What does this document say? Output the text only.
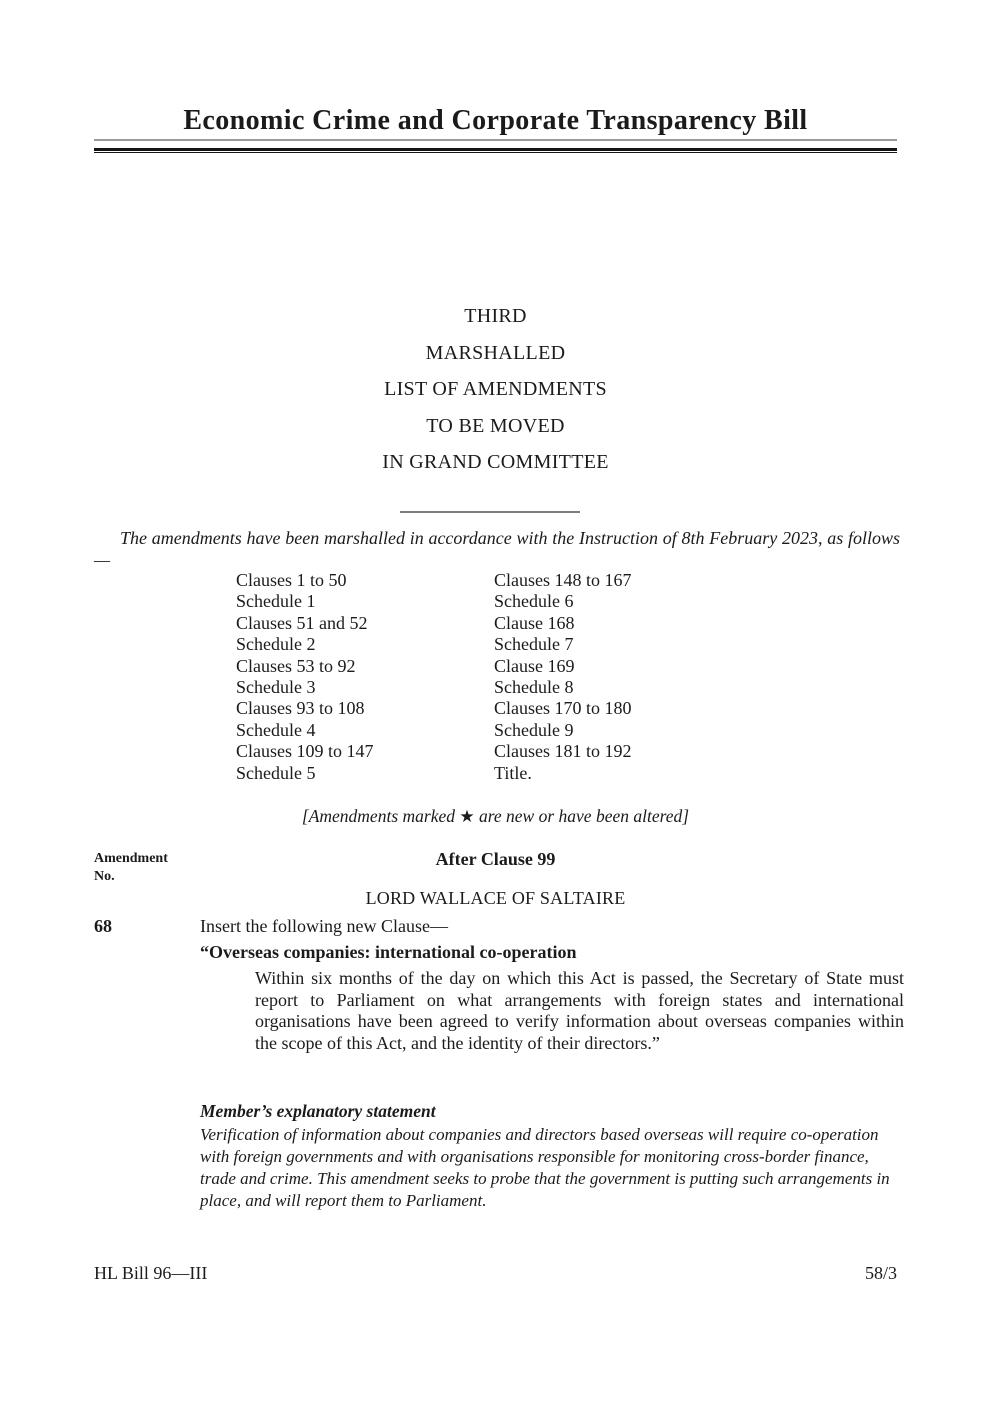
Economic Crime and Corporate Transparency Bill
THIRD
MARSHALLED
LIST OF AMENDMENTS
TO BE MOVED
IN GRAND COMMITTEE

The amendments have been marshalled in accordance with the Instruction of 8th February 2023, as follows—

Clauses 1 to 50
Schedule 1
Clauses 51 and 52
Schedule 2
Clauses 53 to 92
Schedule 3
Clauses 93 to 108
Schedule 4
Clauses 109 to 147
Schedule 5
Clauses 148 to 167
Schedule 6
Clause 168
Schedule 7
Clause 169
Schedule 8
Clauses 170 to 180
Schedule 9
Clauses 181 to 192
Title.
[Amendments marked ★ are new or have been altered]
Amendment
No.
After Clause 99
LORD WALLACE OF SALTAIRE
68	Insert the following new Clause—
“Overseas companies: international co-operation

Within six months of the day on which this Act is passed, the Secretary of State must report to Parliament on what arrangements with foreign states and international organisations have been agreed to verify information about overseas companies within the scope of this Act, and the identity of their directors.”

Member’s explanatory statement
Verification of information about companies and directors based overseas will require co-operation with foreign governments and with organisations responsible for monitoring cross-border finance, trade and crime. This amendment seeks to probe that the government is putting such arrangements in place, and will report them to Parliament.
HL Bill 96—III	58/3
